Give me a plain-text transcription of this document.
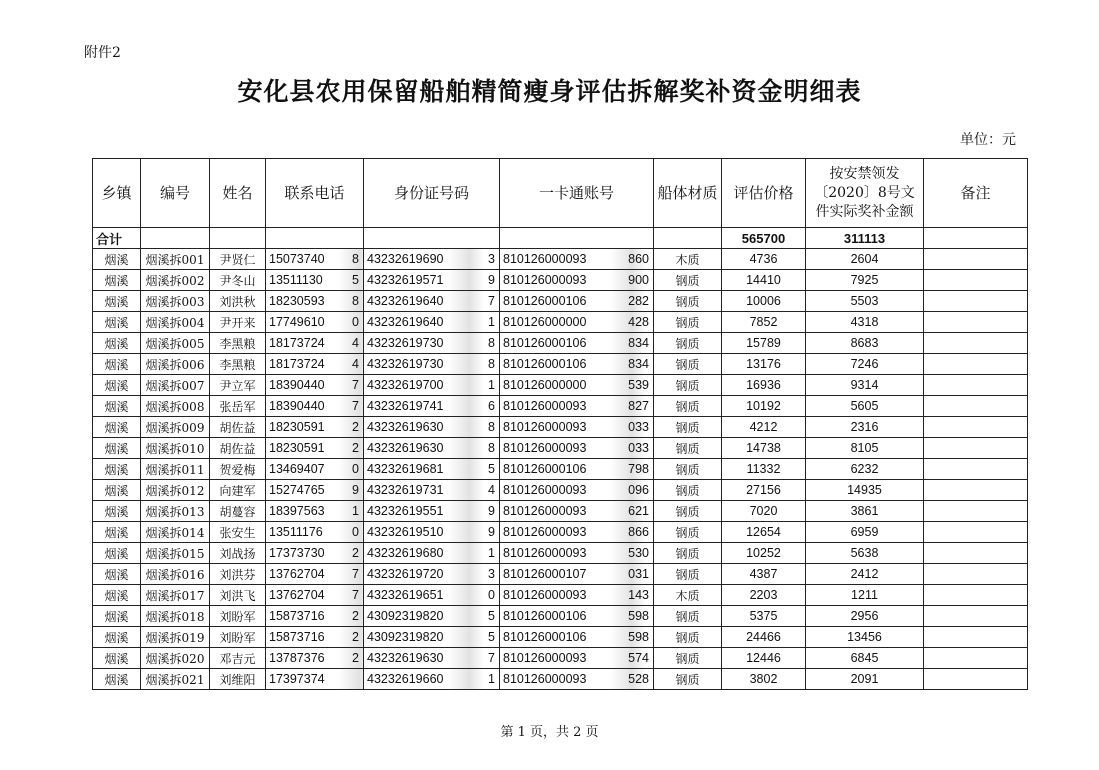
附件2
安化县农用保留船舶精简瘦身评估拆解奖补资金明细表
单位：元
乡镇	编号	姓名	联系电话	身份证号码	一卡通账号	船体材质	评估价格	按安禁领发〔2020〕8号文件实际奖补金额	备注
合计							565700	311113	
烟溪	烟溪拆001	尹贤仁	15073740 8	43232619690 3	810126000093 860	木质	4736	2604	
烟溪	烟溪拆002	尹冬山	13511130 5	43232619571 9	810126000093 900	钢质	14410	7925	
烟溪	烟溪拆003	刘洪秋	18230593 8	43232619640 7	810126000106 282	钢质	10006	5503	
烟溪	烟溪拆004	尹开来	17749610 0	43232619640 1	810126000000 428	钢质	7852	4318	
烟溪	烟溪拆005	李黑粮	18173724 4	43232619730 8	810126000106 834	钢质	15789	8683	
烟溪	烟溪拆006	李黑粮	18173724 4	43232619730 8	810126000106 834	钢质	13176	7246	
烟溪	烟溪拆007	尹立军	18390440 7	43232619700 1	810126000000 539	钢质	16936	9314	
烟溪	烟溪拆008	张岳军	18390440 7	43232619741 6	810126000093 827	钢质	10192	5605	
烟溪	烟溪拆009	胡佐益	18230591 2	43232619630 8	810126000093 033	钢质	4212	2316	
烟溪	烟溪拆010	胡佐益	18230591 2	43232619630 8	810126000093 033	钢质	14738	8105	
烟溪	烟溪拆011	贺爱梅	13469407 0	43232619681 5	810126000106 798	钢质	11332	6232	
烟溪	烟溪拆012	向建军	15274765 9	43232619731 4	810126000093 096	钢质	27156	14935	
烟溪	烟溪拆013	胡蔓容	18397563 1	43232619551 9	810126000093 621	钢质	7020	3861	
烟溪	烟溪拆014	张安生	13511176 0	43232619510 9	810126000093 866	钢质	12654	6959	
烟溪	烟溪拆015	刘战扬	17373730 2	43232619680 1	810126000093 530	钢质	10252	5638	
烟溪	烟溪拆016	刘洪芬	13762704 7	43232619720 3	810126000107 031	钢质	4387	2412	
烟溪	烟溪拆017	刘洪飞	13762704 7	43232619651 0	810126000093 143	木质	2203	1211	
烟溪	烟溪拆018	刘盼军	15873716 2	43092319820 5	810126000106 598	钢质	5375	2956	
烟溪	烟溪拆019	刘盼军	15873716 2	43092319820 5	810126000106 598	钢质	24466	13456	
烟溪	烟溪拆020	邓吉元	13787376 2	43232619630 7	810126000093 574	钢质	12446	6845	
烟溪	烟溪拆021	刘维阳	17397374	43232619660 1	810126000093 528	钢质	3802	2091	
第 1 页，共 2 页
